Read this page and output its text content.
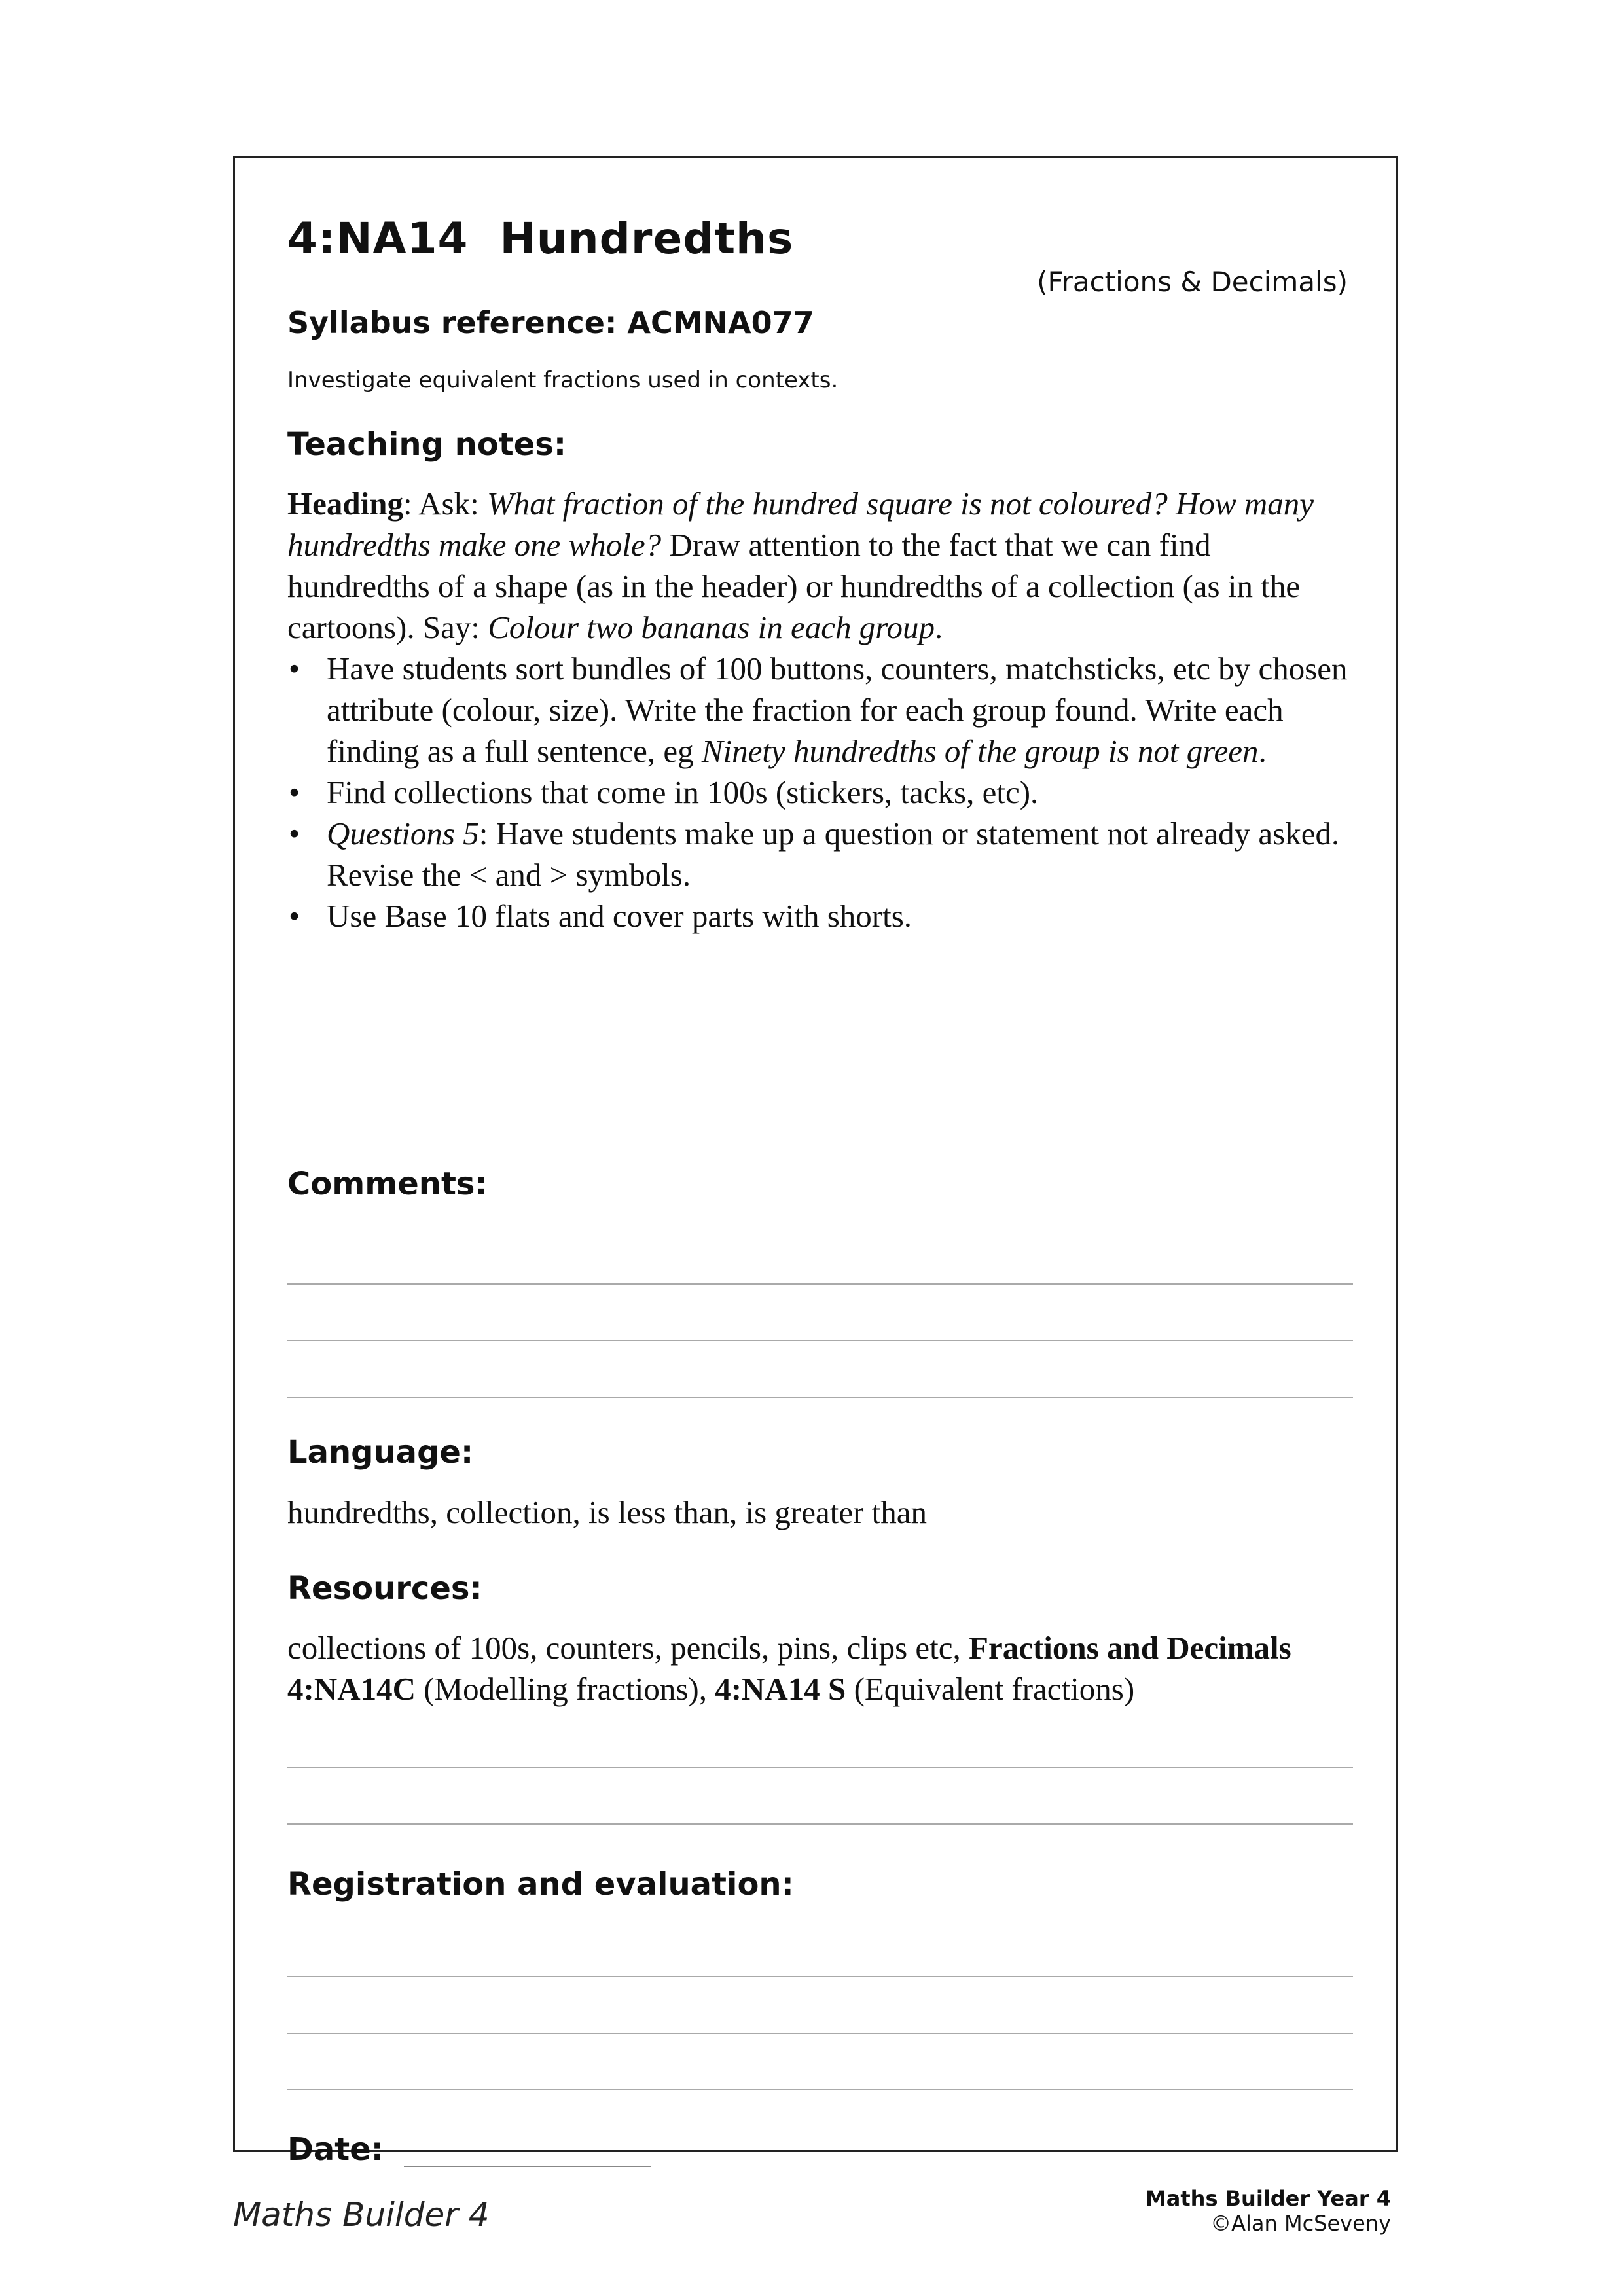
4:NA14 Hundredths
(Fractions & Decimals)
Syllabus reference: ACMNA077
Investigate equivalent fractions used in contexts.
Teaching notes:

Heading: Ask: What fraction of the hundred square is not coloured? How many hundredths make one whole? Draw attention to the fact that we can find hundredths of a shape (as in the header) or hundredths of a collection (as in the cartoons). Say: Colour two bananas in each group.

• Have students sort bundles of 100 buttons, counters, matchsticks, etc by chosen attribute (colour, size). Write the fraction for each group found. Write each finding as a full sentence, eg Ninety hundredths of the group is not green.
• Find collections that come in 100s (stickers, tacks, etc).
• Questions 5: Have students make up a question or statement not already asked. Revise the < and > symbols.
• Use Base 10 flats and cover parts with shorts.
Comments:
Language:
hundredths, collection, is less than, is greater than
Resources:
collections of 100s, counters, pencils, pins, clips etc, Fractions and Decimals 4:NA14C (Modelling fractions), 4:NA14 S (Equivalent fractions)
Registration and evaluation:
Date:
Maths Builder 4	Maths Builder Year 4
©Alan McSeveny
